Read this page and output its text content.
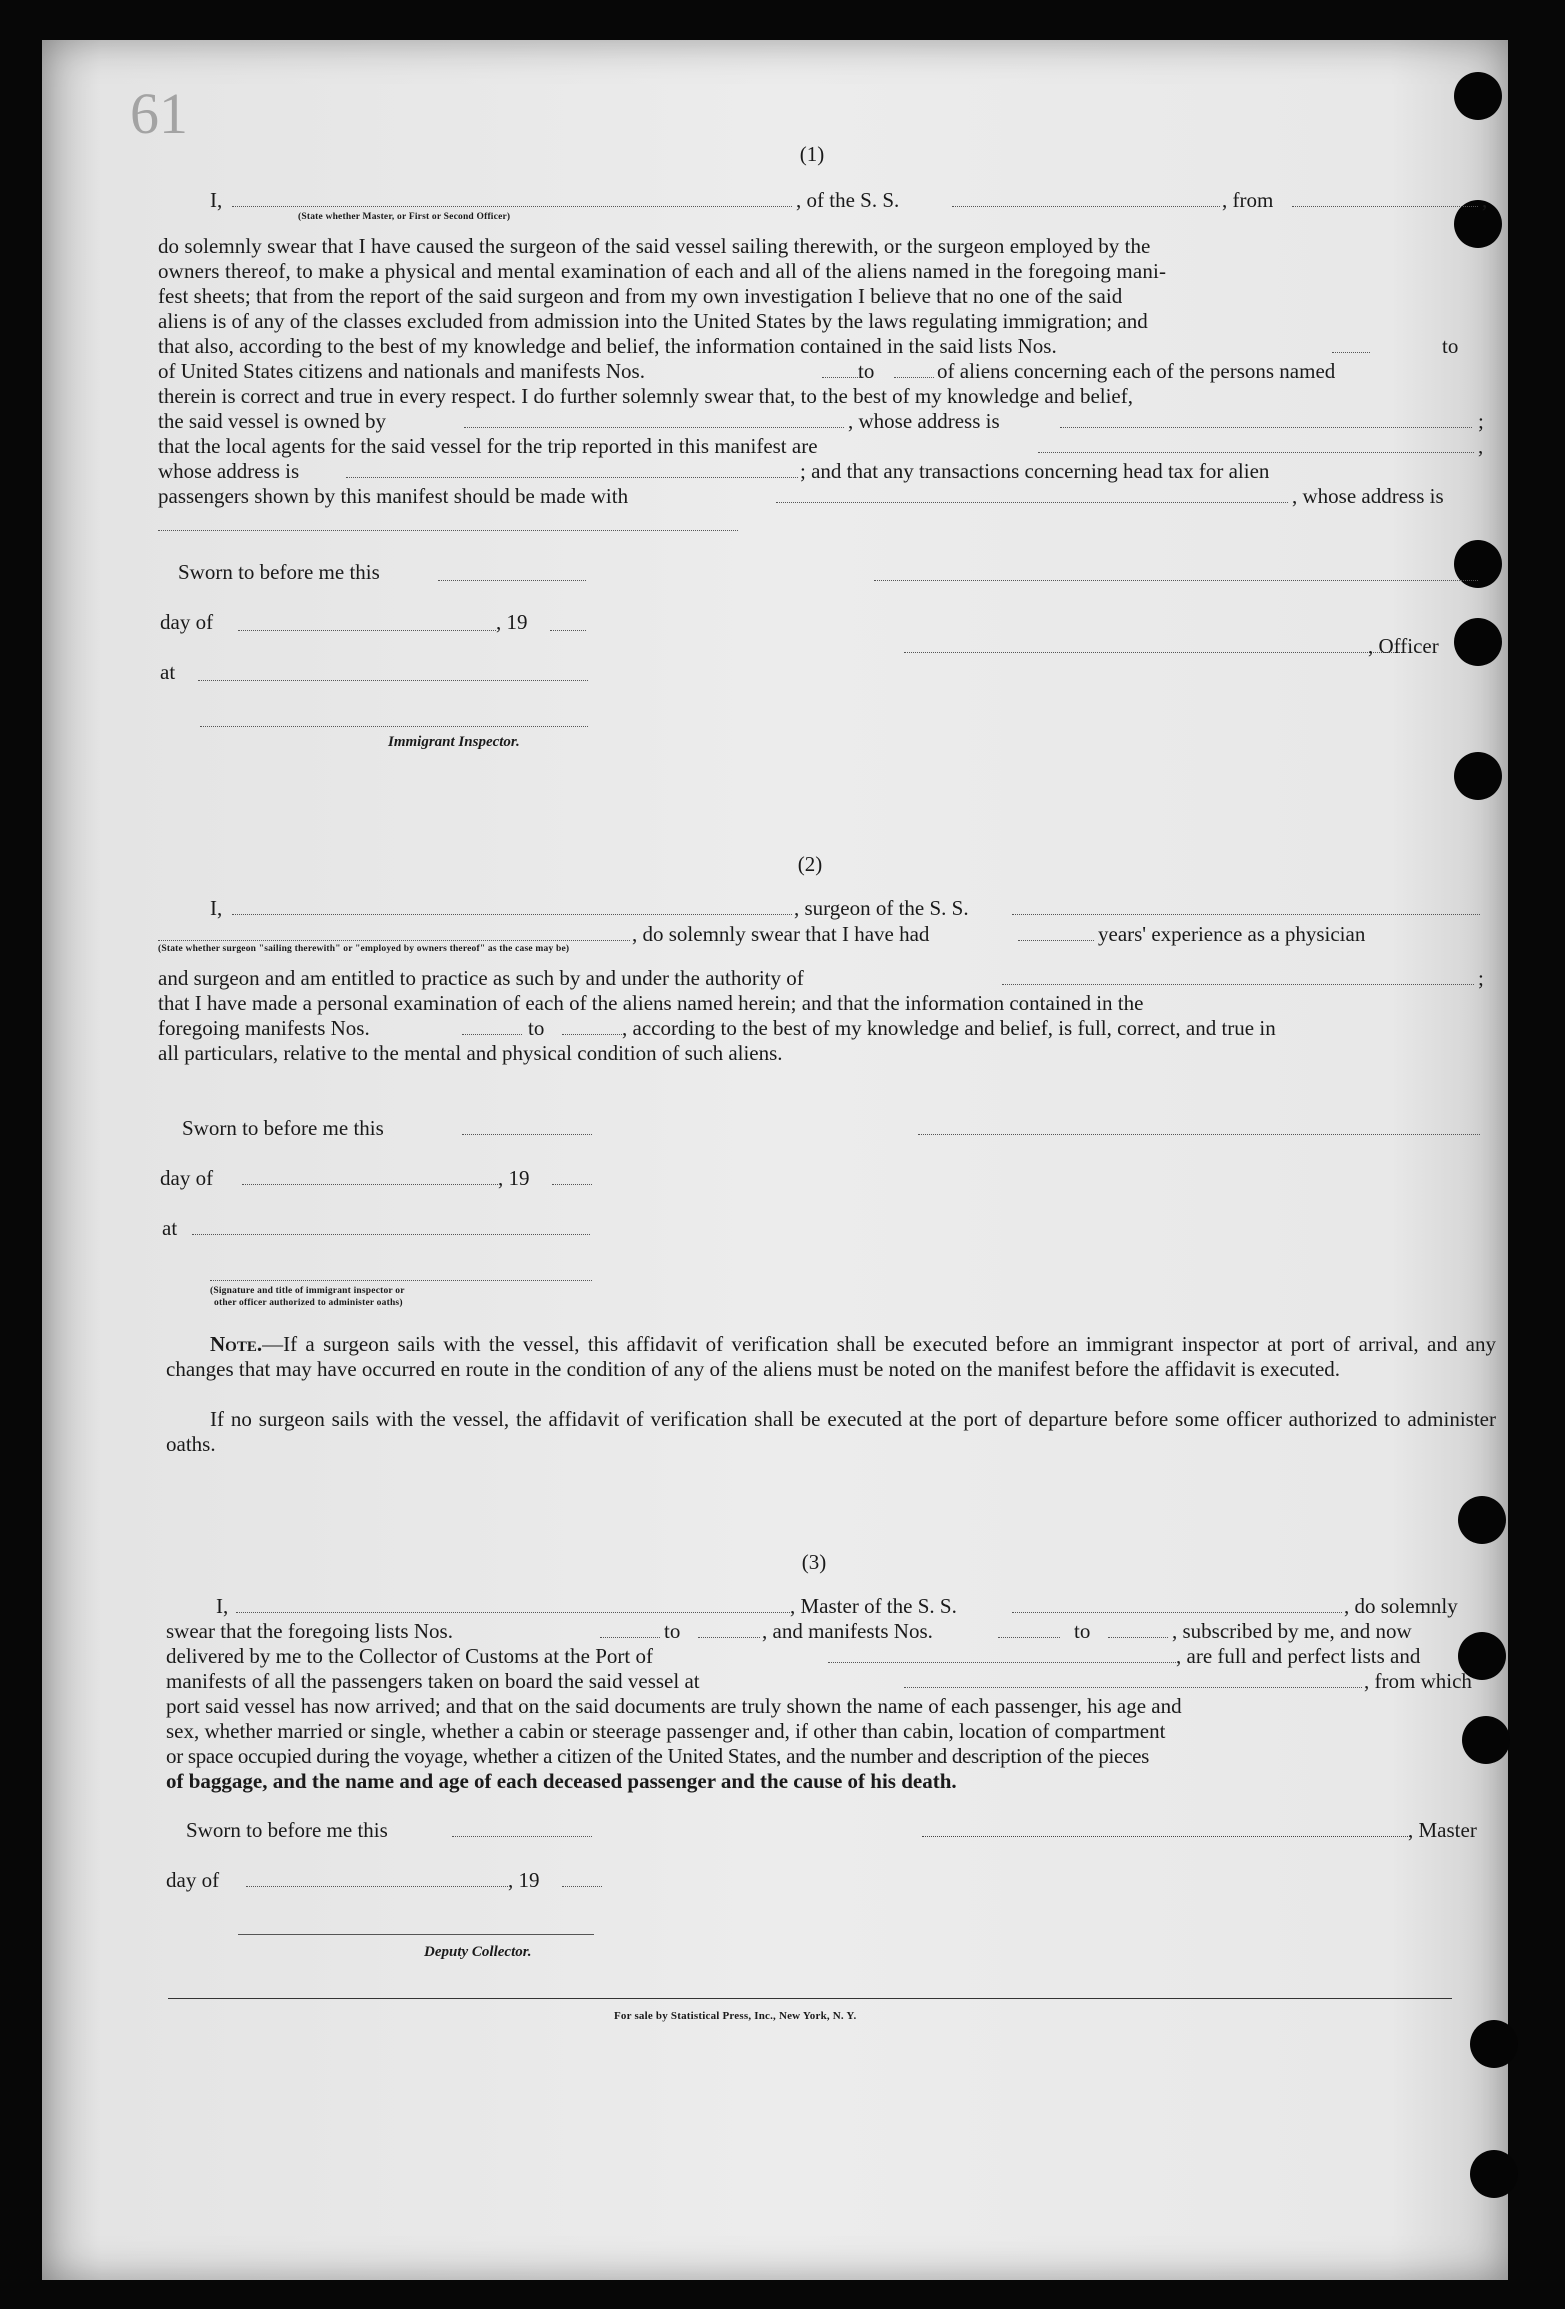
61
(1)
I,
(State whether Master, or First or Second Officer)
, of the S. S.	, from	,
do solemnly swear that I have caused the surgeon of the said vessel sailing therewith, or the surgeon employed by the
owners thereof, to make a physical and mental examination of each and all of the aliens named in the foregoing mani-
fest sheets; that from the report of the said surgeon and from my own investigation I believe that no one of the said
aliens is of any of the classes excluded from admission into the United States by the laws regulating immigration; and
that also, according to the best of my knowledge and belief, the information contained in the said lists Nos.	to
of United States citizens and nationals and manifests Nos.	to	of aliens concerning each of the persons named
therein is correct and true in every respect. I do further solemnly swear that, to the best of my knowledge and belief,
the said vessel is owned by	, whose address is	;
that the local agents for the said vessel for the trip reported in this manifest are	,
whose address is	; and that any transactions concerning head tax for alien
passengers shown by this manifest should be made with	, whose address is
Sworn to before me this
day of	, 19
, Officer
at
Immigrant Inspector.
(2)
I,	, surgeon of the S. S.
(State whether surgeon "sailing therewith" or "employed by owners thereof" as the case may be)
, do solemnly swear that I have had	years' experience as a physician
and surgeon and am entitled to practice as such by and under the authority of	;
that I have made a personal examination of each of the aliens named herein; and that the information contained in the
foregoing manifests Nos.	to	, according to the best of my knowledge and belief, is full, correct, and true in
all particulars, relative to the mental and physical condition of such aliens.
Sworn to before me this
day of	, 19
at
(Signature and title of immigrant inspector or
other officer authorized to administer oaths)
Note.—If a surgeon sails with the vessel, this affidavit of verification shall be executed before an immigrant inspector at port of arrival, and any changes that may have occurred en route in the condition of any of the aliens must be noted on the manifest before the affidavit is executed.
If no surgeon sails with the vessel, the affidavit of verification shall be executed at the port of departure before some officer authorized to administer oaths.
(3)
I,	, Master of the S. S.	, do solemnly
swear that the foregoing lists Nos.	to	, and manifests Nos.	to	, subscribed by me, and now
delivered by me to the Collector of Customs at the Port of	, are full and perfect lists and
manifests of all the passengers taken on board the said vessel at	, from which
port said vessel has now arrived; and that on the said documents are truly shown the name of each passenger, his age and
sex, whether married or single, whether a cabin or steerage passenger and, if other than cabin, location of compartment
or space occupied during the voyage, whether a citizen of the United States, and the number and description of the pieces
of baggage, and the name and age of each deceased passenger and the cause of his death.
Sworn to before me this	, Master
day of	, 19
Deputy Collector.
For sale by Statistical Press, Inc., New York, N. Y.
